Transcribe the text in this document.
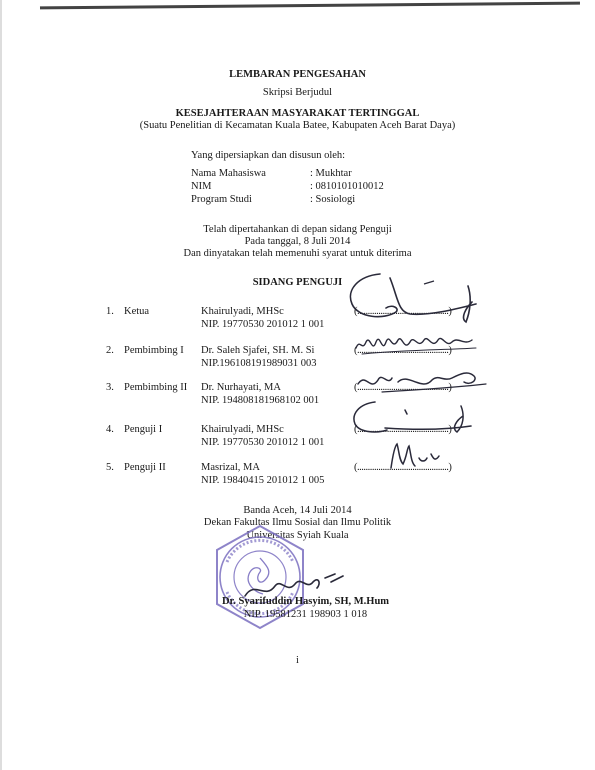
LEMBARAN PENGESAHAN
Skripsi Berjudul
KESEJAHTERAAN MASYARAKAT TERTINGGAL
(Suatu Penelitian di Kecamatan Kuala Batee, Kabupaten Aceh Barat Daya)
Yang dipersiapkan dan disusun oleh:
Nama Mahasiswa	: Mukhtar
NIM	: 0810101010012
Program Studi	: Sosiologi
Telah dipertahankan di depan sidang Penguji
Pada tanggal, 8 Juli 2014
Dan dinyatakan telah memenuhi syarat untuk diterima
SIDANG PENGUJI
1. Ketua	Khairulyadi, MHSc
NIP. 19770530 201012 1 001
(...........................................)
2. Pembimbing I Dr. Saleh Sjafei, SH. M. Si
NIP.196108191989031 003
(...........................................)
3. Pembimbing II Dr. Nurhayati, MA
NIP. 194808181968102 001
(...........................................)
4. Penguji I	Khairulyadi, MHSc
NIP. 19770530 201012 1 001
(...........................................)
5. Penguji II	Masrizal, MA
NIP. 19840415 201012 1 005
(...........................................)
Banda Aceh, 14 Juli 2014
Dekan Fakultas Ilmu Sosial dan Ilmu Politik
Universitas Syiah Kuala
Dr. Syarifuddin Hasyim, SH, M.Hum
NIP. 19581231 198903 1 018
i
